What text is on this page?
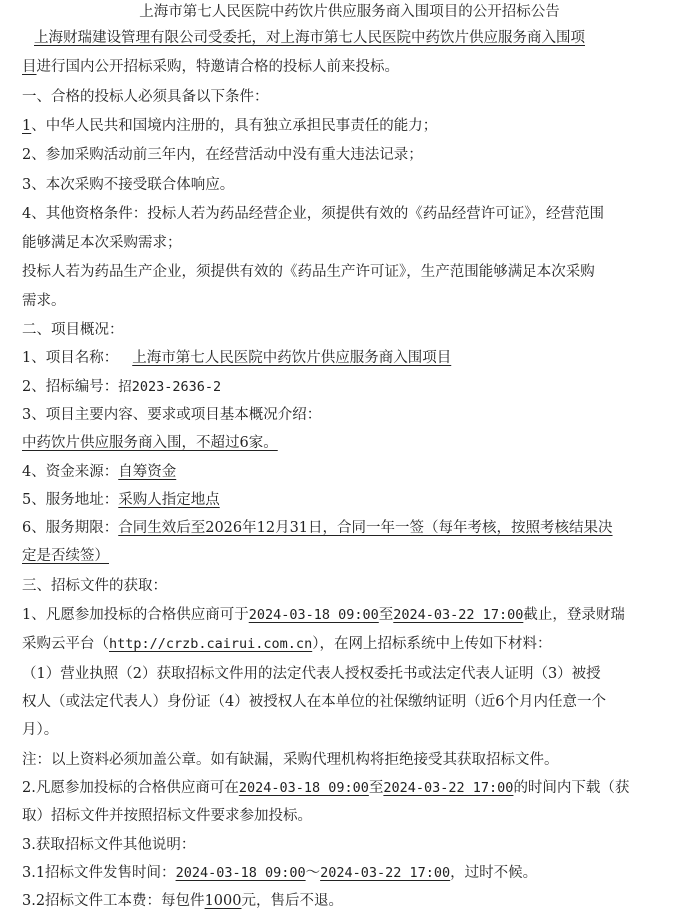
上海市第七人民医院中药饮片供应服务商入围项目的公开招标公告
上海财瑞建设管理有限公司受委托，对上海市第七人民医院中药饮片供应服务商入围项
目进行国内公开招标采购，特邀请合格的投标人前来投标。
一、合格的投标人必须具备以下条件：
1、中华人民共和国境内注册的，具有独立承担民事责任的能力；
2、参加采购活动前三年内，在经营活动中没有重大违法记录；
3、本次采购不接受联合体响应。
4、其他资格条件：投标人若为药品经营企业，须提供有效的《药品经营许可证》，经营范围
能够满足本次采购需求；
投标人若为药品生产企业，须提供有效的《药品生产许可证》，生产范围能够满足本次采购
需求。
二、项目概况：
1、项目名称： 上海市第七人民医院中药饮片供应服务商入围项目
2、招标编号：招2023-2636-2
3、项目主要内容、要求或项目基本概况介绍：
中药饮片供应服务商入围，不超过6家。
4、资金来源：自筹资金
5、服务地址：采购人指定地点
6、服务期限：合同生效后至2026年12月31日，合同一年一签（每年考核，按照考核结果决
定是否续签）
三、招标文件的获取：
1、凡愿参加投标的合格供应商可于2024-03-18 09:00至2024-03-22 17:00截止，登录财瑞
采购云平台（http://crzb.cairui.com.cn），在网上招标系统中上传如下材料：
（1）营业执照（2）获取招标文件用的法定代表人授权委托书或法定代表人证明（3）被授
权人（或法定代表人）身份证（4）被授权人在本单位的社保缴纳证明（近6个月内任意一个
月）。
注：以上资料必须加盖公章。如有缺漏，采购代理机构将拒绝接受其获取招标文件。
2.凡愿参加投标的合格供应商可在2024-03-18 09:00至2024-03-22 17:00的时间内下载（获
取）招标文件并按照招标文件要求参加投标。
3.获取招标文件其他说明：
3.1招标文件发售时间：2024-03-18 09:00～2024-03-22 17:00，过时不候。
3.2招标文件工本费：每包件1000元，售后不退。
